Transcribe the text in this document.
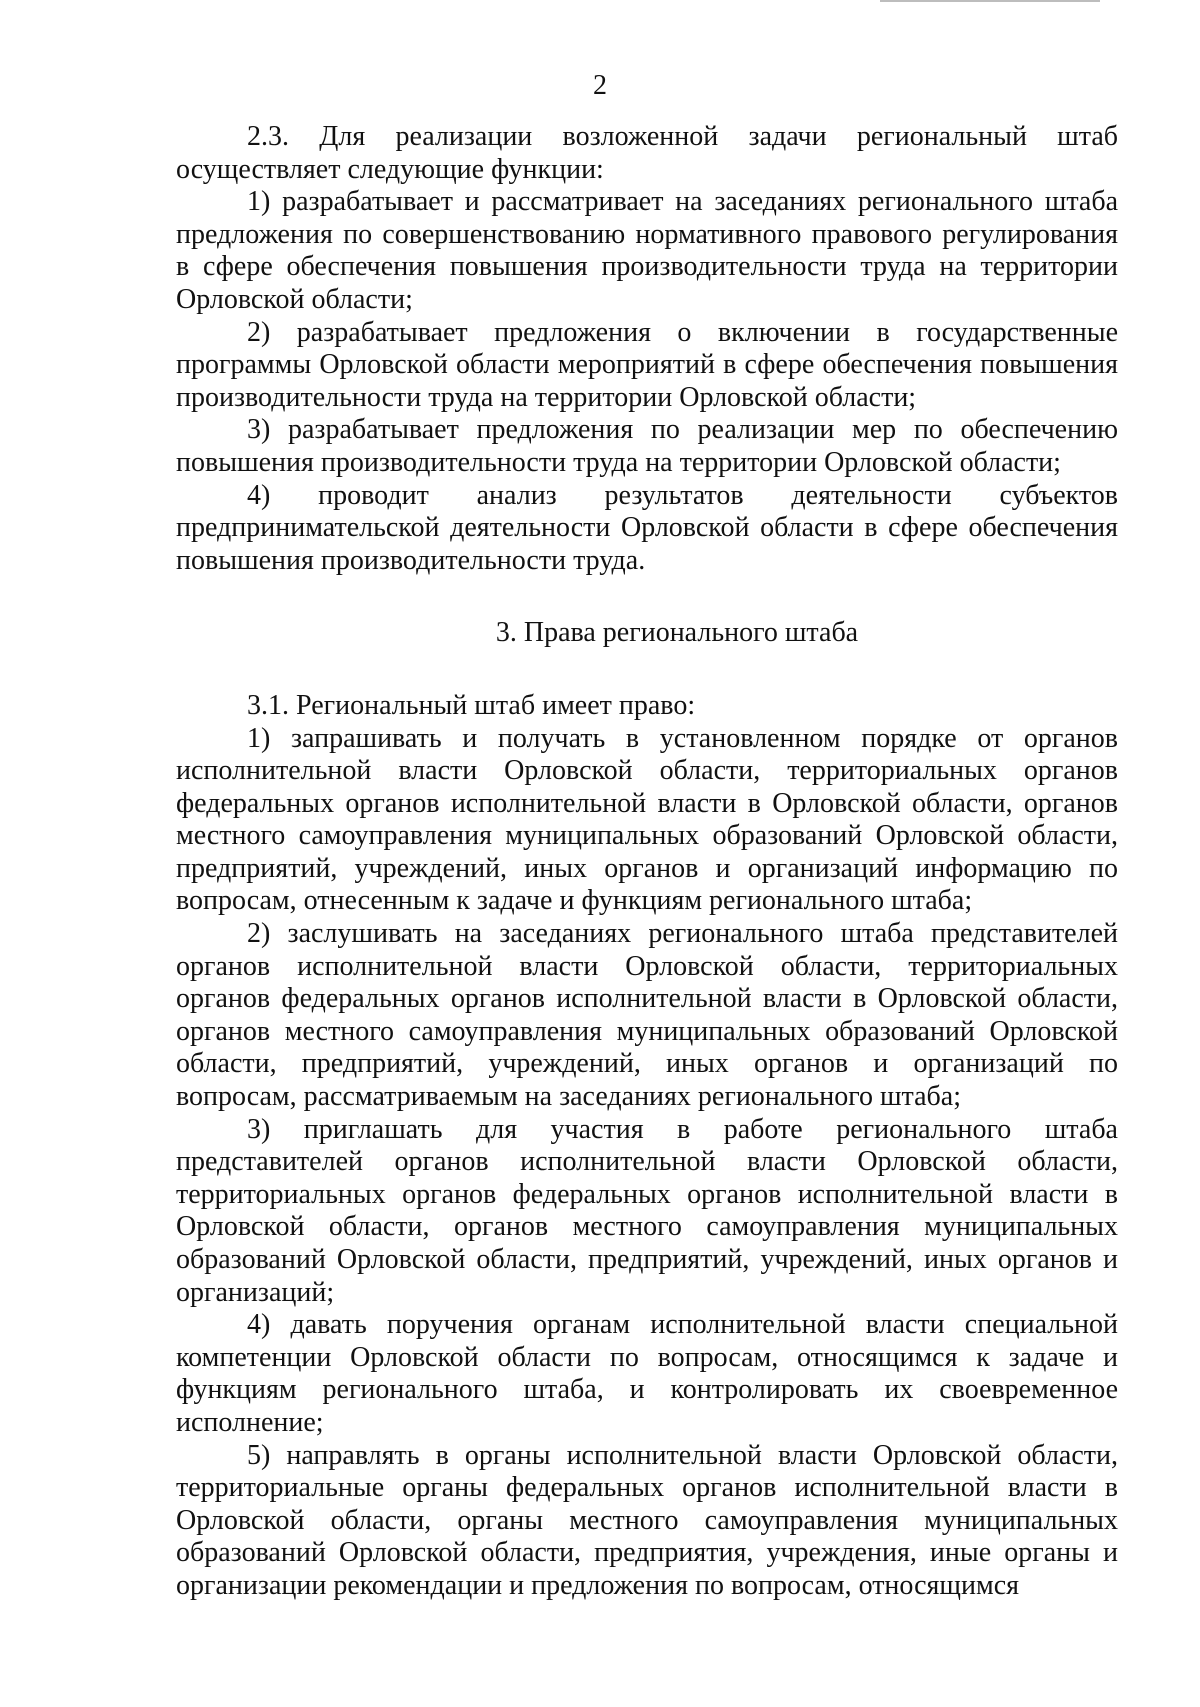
2

2.3. Для реализации возложенной задачи региональный штаб осуществляет следующие функции:

1) разрабатывает и рассматривает на заседаниях регионального штаба предложения по совершенствованию нормативного правового регулирования в сфере обеспечения повышения производительности труда на территории Орловской области;

2) разрабатывает предложения о включении в государственные программы Орловской области мероприятий в сфере обеспечения повышения производительности труда на территории Орловской области;

3) разрабатывает предложения по реализации мер по обеспечению повышения производительности труда на территории Орловской области;

4) проводит анализ результатов деятельности субъектов предпринимательской деятельности Орловской области в сфере обеспечения повышения производительности труда.

3. Права регионального штаба

3.1. Региональный штаб имеет право:

1) запрашивать и получать в установленном порядке от органов исполнительной власти Орловской области, территориальных органов федеральных органов исполнительной власти в Орловской области, органов местного самоуправления муниципальных образований Орловской области, предприятий, учреждений, иных органов и организаций информацию по вопросам, отнесенным к задаче и функциям регионального штаба;

2) заслушивать на заседаниях регионального штаба представителей органов исполнительной власти Орловской области, территориальных органов федеральных органов исполнительной власти в Орловской области, органов местного самоуправления муниципальных образований Орловской области, предприятий, учреждений, иных органов и организаций по вопросам, рассматриваемым на заседаниях регионального штаба;

3) приглашать для участия в работе регионального штаба представителей органов исполнительной власти Орловской области, территориальных органов федеральных органов исполнительной власти в Орловской области, органов местного самоуправления муниципальных образований Орловской области, предприятий, учреждений, иных органов и организаций;

4) давать поручения органам исполнительной власти специальной компетенции Орловской области по вопросам, относящимся к задаче и функциям регионального штаба, и контролировать их своевременное исполнение;

5) направлять в органы исполнительной власти Орловской области, территориальные органы федеральных органов исполнительной власти в Орловской области, органы местного самоуправления муниципальных образований Орловской области, предприятия, учреждения, иные органы и организации рекомендации и предложения по вопросам, относящимся
